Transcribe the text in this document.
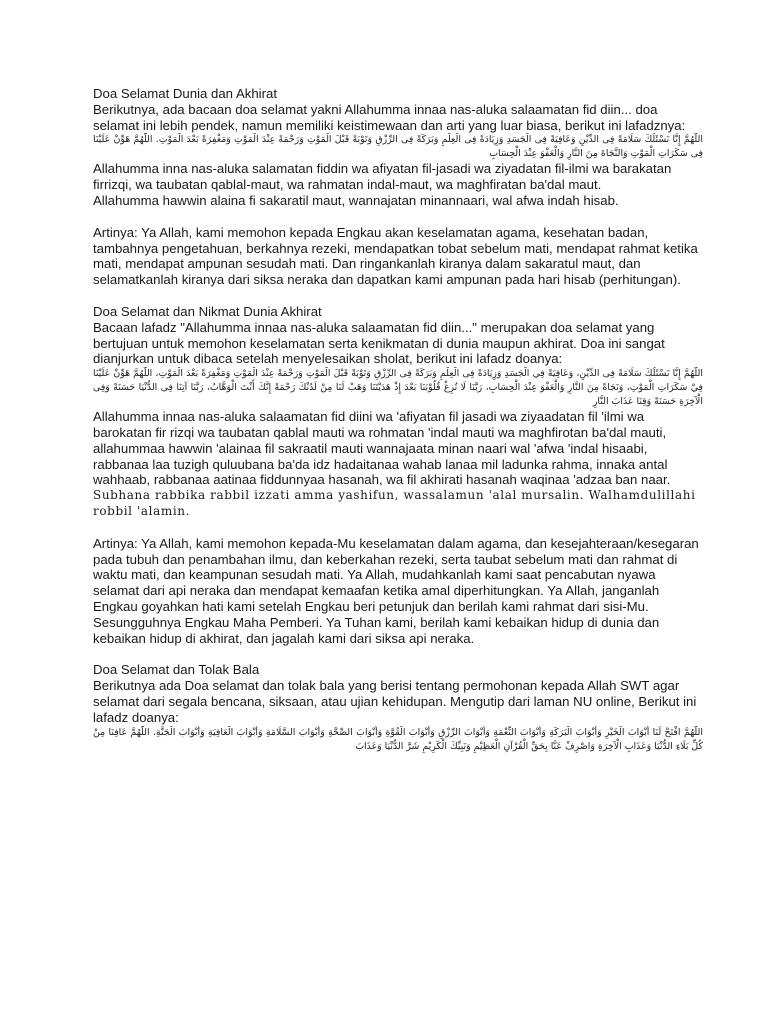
Doa Selamat Dunia dan Akhirat

Berikutnya, ada bacaan doa selamat yakni Allahumma innaa nas-aluka salaamatan fid diin... doa selamat ini lebih pendek, namun memiliki keistimewaan dan arti yang luar biasa, berikut ini lafadznya:

اللّٰهُمَّ إِنَّا نَسْئَلُكَ سَلَامَةً فِى الدِّيْنِ وَعَافِيَةً فِى الْجَسَدِ وَزِيَادَةً فِى الْعِلْمِ وَبَرَكَةً فِى الرِّزْقِ وَتَوْبَةً قَبْلَ الْمَوْتِ وَرَحْمَةً عِنْدَ الْمَوْتِ وَمَغْفِرَةً بَعْدَ الْمَوْتِ. اللّٰهُمَّ هَوِّنْ عَلَيْنَا فِى سَكَرَاتِ الْمَوْتِ وَالنَّجَاةَ مِنَ النَّارِ وَالْعَفْوَ عِنْدَ الْحِسَابِ

Allahumma inna nas-aluka salamatan fiddin wa afiyatan fil-jasadi wa ziyadatan fil-ilmi wa barakatan firrizqi, wa taubatan qablal-maut, wa rahmatan indal-maut, wa maghfiratan ba'dal maut.

Allahumma hawwin alaina fi sakaratil maut, wannajatan minannaari, wal afwa indah hisab.

Artinya: Ya Allah, kami memohon kepada Engkau akan keselamatan agama, kesehatan badan, tambahnya pengetahuan, berkahnya rezeki, mendapatkan tobat sebelum mati, mendapat rahmat ketika mati, mendapat ampunan sesudah mati. Dan ringankanlah kiranya dalam sakaratul maut, dan selamatkanlah kiranya dari siksa neraka dan dapatkan kami ampunan pada hari hisab (perhitungan).

Doa Selamat dan Nikmat Dunia Akhirat

Bacaan lafadz "Allahumma innaa nas-aluka salaamatan fid diin..." merupakan doa selamat yang bertujuan untuk memohon keselamatan serta kenikmatan di dunia maupun akhirat. Doa ini sangat dianjurkan untuk dibaca setelah menyelesaikan sholat, berikut ini lafadz doanya:

اللّٰهُمَّ إِنَّا نَسْئَلُكَ سَلَامَةً فِى الدِّيْنِ، وَعَافِيَةً فِي الْجَسَدِ وَزِيَادَةً فِى الْعِلْمِ وَبَرَكَةً فِى الرِّزْقِ وَتَوْبَةً قَبْلَ الْمَوْتِ وَرَحْمَةً عِنْدَ الْمَوْتِ وَمَغْفِرَةً بَعْدَ الْمَوْتِ، اللّٰهُمَّ هَوِّنْ عَلَيْنَا فِيْ سَكَرَاتِ الْمَوْتِ، وَنَجَاةً مِنَ النَّارِ وَالْعَفْوَ عِنْدَ الْحِسَابِ، رَبَّنَا لَا تُزِغْ قُلُوْبَنَا بَعْدَ إِذْ هَدَيْتَنَا وَهَبْ لَنَا مِنْ لَدُنْكَ رَحْمَةً إِنَّكَ أَنْتَ الْوَهَّابُ، رَبَّنَا آتِنَا فِى الدُّنْيَا حَسَنَةً وَفِى الْآخِرَةِ حَسَنَةً وَقِنَا عَذَابَ النَّارِ

Allahumma innaa nas-aluka salaamatan fid diini wa 'afiyatan fil jasadi wa ziyaadatan fil 'ilmi wa barokatan fir rizqi wa taubatan qablal mauti wa rohmatan 'indal mauti wa maghfirotan ba'dal mauti, allahummaa hawwin 'alainaa fil sakraatil mauti wannajaata minan naari wal 'afwa 'indal hisaabi, rabbanaa laa tuzigh quluubana ba'da idz hadaitanaa wahab lanaa mil ladunka rahma, innaka antal wahhaab, rabbanaa aatinaa fiddunnyaa hasanah, wa fil akhirati hasanah waqinaa 'adzaa ban naar.

Subhana rabbika rabbil izzati amma yashifun, wassalamun 'alal mursalin. Walhamdulillahi robbil 'alamin.

Artinya: Ya Allah, kami memohon kepada-Mu keselamatan dalam agama, dan kesejahteraan/kesegaran pada tubuh dan penambahan ilmu, dan keberkahan rezeki, serta taubat sebelum mati dan rahmat di waktu mati, dan keampunan sesudah mati. Ya Allah, mudahkanlah kami saat pencabutan nyawa selamat dari api neraka dan mendapat kemaafan ketika amal diperhitungkan. Ya Allah, janganlah Engkau goyahkan hati kami setelah Engkau beri petunjuk dan berilah kami rahmat dari sisi-Mu. Sesungguhnya Engkau Maha Pemberi. Ya Tuhan kami, berilah kami kebaikan hidup di dunia dan kebaikan hidup di akhirat, dan jagalah kami dari siksa api neraka.

Doa Selamat dan Tolak Bala

Berikutnya ada Doa selamat dan tolak bala yang berisi tentang permohonan kepada Allah SWT agar selamat dari segala bencana, siksaan, atau ujian kehidupan. Mengutip dari laman NU online, Berikut ini lafadz doanya:

اللّٰهُمَّ افْتَحْ لَنَا أَبْوَابَ الْخَيْرِ وَأَبْوَابَ الْبَرَكَةِ وَأَبْوَابَ النِّعْمَةِ وَأَبْوَابَ الرِّزْقِ وَأَبْوَابَ الْقُوَّةِ وَأَبْوَابَ الصِّحَّةِ وَأَبْوَابَ السَّلَامَةِ وَأَبْوَابَ الْعَافِيَةِ وَأَبْوَابَ الْجَنَّةِ. اللّٰهُمَّ عَافِنَا مِنْ كُلِّ بَلَاءِ الدُّنْيَا وَعَذَابِ الْآخِرَةِ وَاصْرِفْ عَنَّا بِحَقِّ الْقُرْآنِ الْعَظِيْمِ وَنَبِيِّكَ الْكَرِيْمِ شَرَّ الدُّنْيَا وَعَذَابَ
